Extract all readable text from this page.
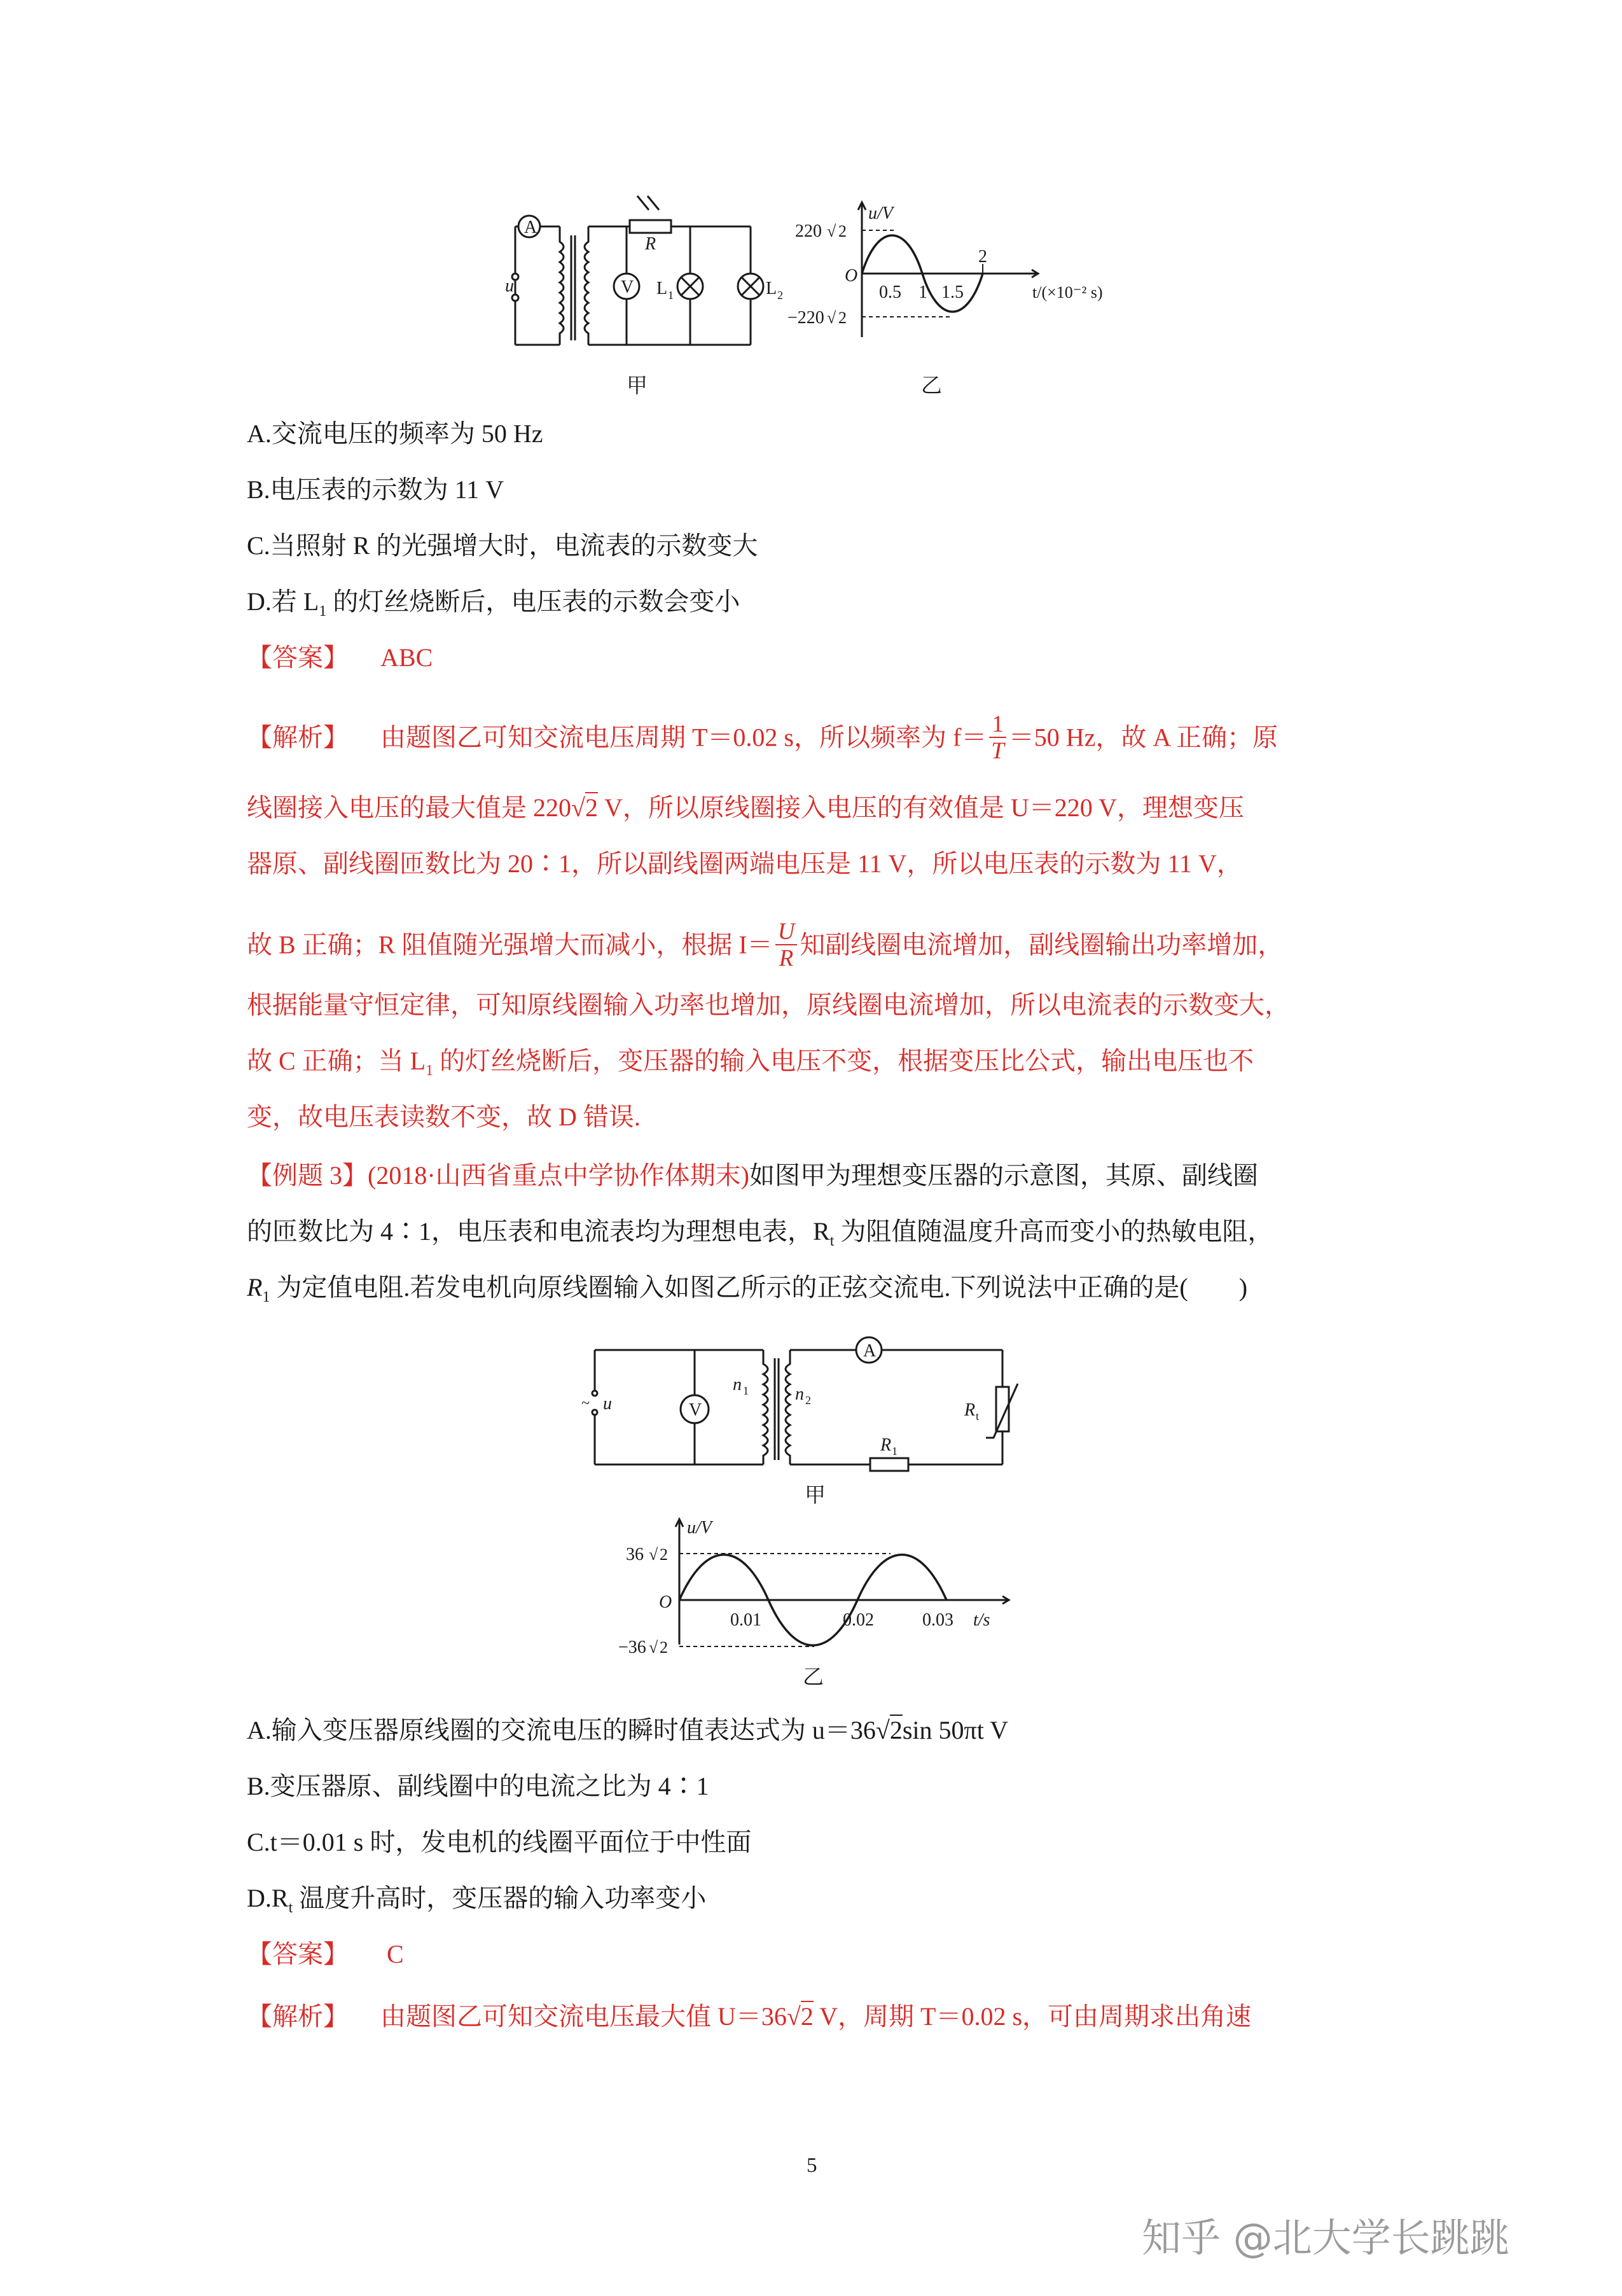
A
V
R
u	L 1	L 2
u/V
O
220 √ 2
−220 √ 2
0.5 1 1.5
2
t/(×10⁻² s)
甲	乙
A.交流电压的频率为 50 Hz
B.电压表的示数为 11 V
C.当照射 R 的光强增大时，电流表的示数变大
D.若 $L_1$ 的灯丝烧断后，电压表的示数会变小
【答案】 ABC
【解析】 由题图乙可知交流电压周期 T＝0.02 s，所以频率为 $f= \frac{1}{T} =50$ Hz，故 A 正确；原
线圈接入电压的最大值是 220√2 V，所以原线圈接入电压的有效值是 U＝220 V，理想变压
器原、副线圈匝数比为 20∶1，所以副线圈两端电压是 11 V，所以电压表的示数为 11 V，
故 B 正确；R 阻值随光强增大而减小，根据 $I= \frac{U}{R}$ 知副线圈电流增加，副线圈输出功率增加，
根据能量守恒定律，可知原线圈输入功率也增加，原线圈电流增加，所以电流表的示数变大，
故 C 正确；当 $L_1$ 的灯丝烧断后，变压器的输入电压不变，根据变压比公式，输出电压也不
变，故电压表读数不变，故 D 错误.
【例题 3】(2018·山西省重点中学协作体期末)如图甲为理想变压器的示意图，其原、副线圈
的匝数比为 4∶1，电压表和电流表均为理想电表，$R_t$ 为阻值随温度升高而变小的热敏电阻，
$R_1$ 为定值电阻.若发电机向原线圈输入如图乙所示的正弦交流电.下列说法中正确的是(　　)
~ u	V
A
n 1	n 2	R t
R 1
甲
u/V
O
36 √ 2
−36 √ 2
0.01	0.02	0.03 t/s
乙
A.输入变压器原线圈的交流电压的瞬时值表达式为 u＝36√2sin 50πt V
B.变压器原、副线圈中的电流之比为 4∶1
C.t＝0.01 s 时，发电机的线圈平面位于中性面
$D.R_t$ 温度升高时，变压器的输入功率变小
【答案】 C
【解析】 由题图乙可知交流电压最大值 U＝36√2 V，周期 T＝0.02 s，可由周期求出角速
5
知乎 @北大学长跳跳
